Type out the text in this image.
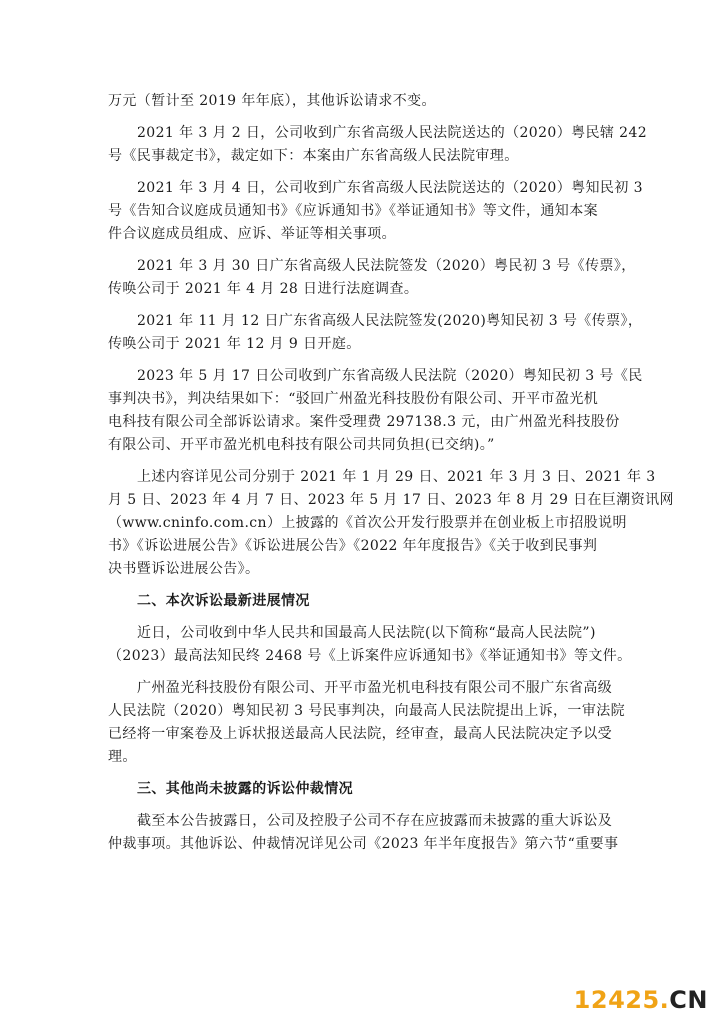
万元（暂计至 2019 年年底），其他诉讼请求不变。
2021 年 3 月 2 日，公司收到广东省高级人民法院送达的（2020）粤民辖 242
号《民事裁定书》，裁定如下：本案由广东省高级人民法院审理。
2021 年 3 月 4 日，公司收到广东省高级人民法院送达的（2020）粤知民初 3
号《告知合议庭成员通知书》《应诉通知书》《举证通知书》等文件，通知本案
件合议庭成员组成、应诉、举证等相关事项。
2021 年 3 月 30 日广东省高级人民法院签发（2020）粤民初 3 号《传票》，
传唤公司于 2021 年 4 月 28 日进行法庭调查。
2021 年 11 月 12 日广东省高级人民法院签发(2020)粤知民初 3 号《传票》，
传唤公司于 2021 年 12 月 9 日开庭。
2023 年 5 月 17 日公司收到广东省高级人民法院（2020）粤知民初 3 号《民
事判决书》，判决结果如下：“驳回广州盈光科技股份有限公司、开平市盈光机
电科技有限公司全部诉讼请求。案件受理费 297138.3 元，由广州盈光科技股份
有限公司、开平市盈光机电科技有限公司共同负担(已交纳)。”
上述内容详见公司分别于 2021 年 1 月 29 日、2021 年 3 月 3 日、2021 年 3
月 5 日、2023 年 4 月 7 日、2023 年 5 月 17 日、2023 年 8 月 29 日在巨潮资讯网
（www.cninfo.com.cn）上披露的《首次公开发行股票并在创业板上市招股说明
书》《诉讼进展公告》《诉讼进展公告》《2022 年年度报告》《关于收到民事判
决书暨诉讼进展公告》。
二、本次诉讼最新进展情况
近日，公司收到中华人民共和国最高人民法院(以下简称“最高人民法院”)
（2023）最高法知民终 2468 号《上诉案件应诉通知书》《举证通知书》等文件。
广州盈光科技股份有限公司、开平市盈光机电科技有限公司不服广东省高级
人民法院（2020）粤知民初 3 号民事判决，向最高人民法院提出上诉，一审法院
已经将一审案卷及上诉状报送最高人民法院，经审查，最高人民法院决定予以受
理。
三、其他尚未披露的诉讼仲裁情况
截至本公告披露日，公司及控股子公司不存在应披露而未披露的重大诉讼及
仲裁事项。其他诉讼、仲裁情况详见公司《2023 年半年度报告》第六节“重要事
12425.CN
